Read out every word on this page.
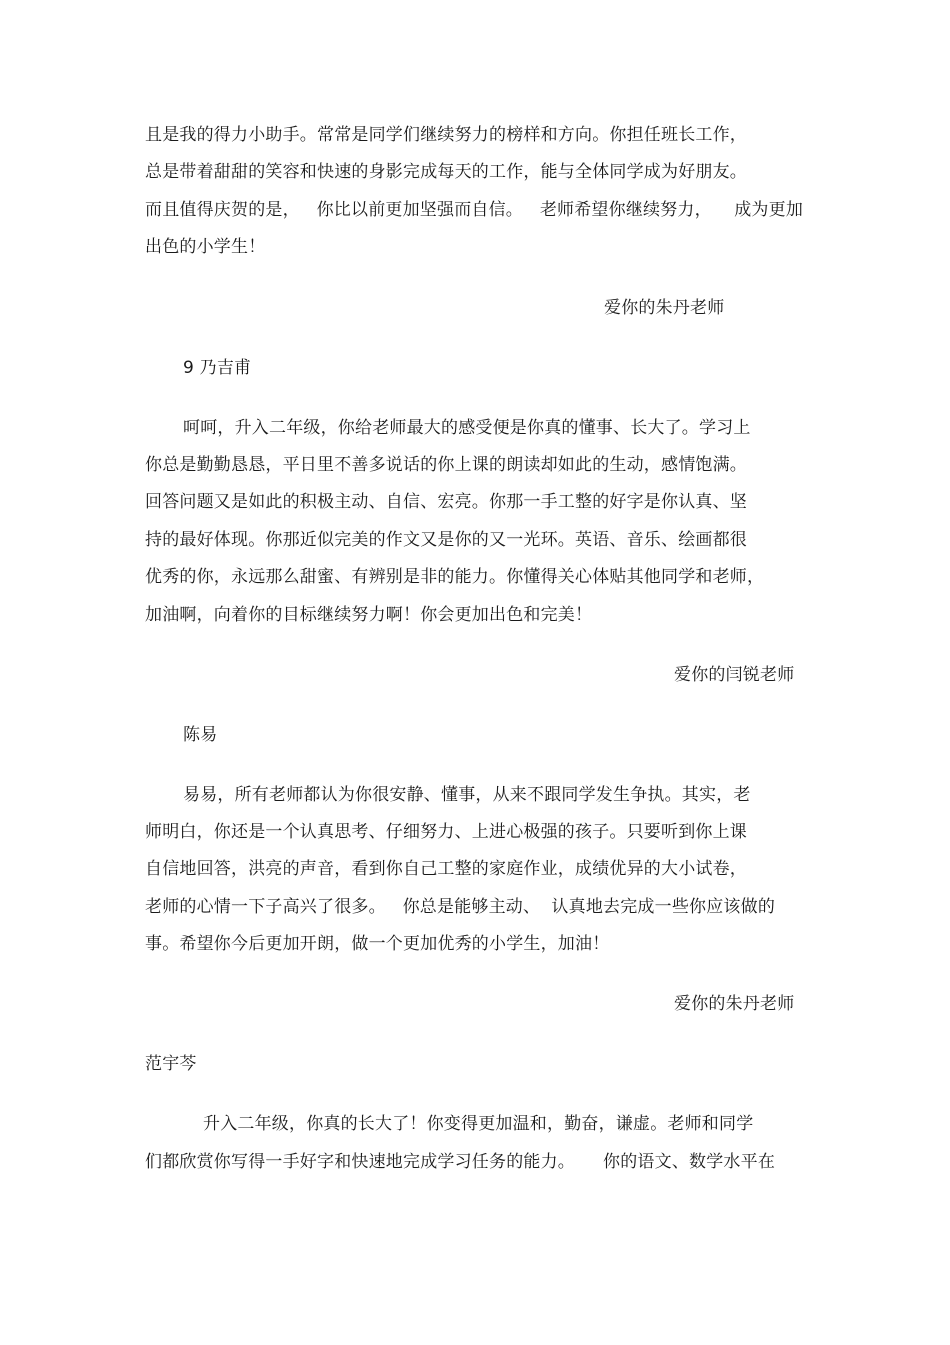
且是我的得力小助手。常常是同学们继续努力的榜样和方向。你担任班长工作，
总是带着甜甜的笑容和快速的身影完成每天的工作，能与全体同学成为好朋友。
而且值得庆贺的是，   你比以前更加坚强而自信。   老师希望你继续努力，    成为更加
出色的小学生！
爱你的朱丹老师
9 乃吉甫
呵呵，升入二年级，你给老师最大的感受便是你真的懂事、长大了。学习上
你总是勤勤恳恳，平日里不善多说话的你上课的朗读却如此的生动，感情饱满。
回答问题又是如此的积极主动、自信、宏亮。你那一手工整的好字是你认真、坚
持的最好体现。你那近似完美的作文又是你的又一光环。英语、音乐、绘画都很
优秀的你，永远那么甜蜜、有辨别是非的能力。你懂得关心体贴其他同学和老师，
加油啊，向着你的目标继续努力啊！你会更加出色和完美！
爱你的闫锐老师
陈易
易易，所有老师都认为你很安静、懂事，从来不跟同学发生争执。其实，老
师明白，你还是一个认真思考、仔细努力、上进心极强的孩子。只要听到你上课
自信地回答，洪亮的声音，看到你自己工整的家庭作业，成绩优异的大小试卷，
老师的心情一下子高兴了很多。   你总是能够主动、  认真地去完成一些你应该做的
事。希望你今后更加开朗，做一个更加优秀的小学生，加油！
爱你的朱丹老师
范宇芩
升入二年级，你真的长大了！你变得更加温和，勤奋，谦虚。老师和同学
们都欣赏你写得一手好字和快速地完成学习任务的能力。     你的语文、数学水平在
